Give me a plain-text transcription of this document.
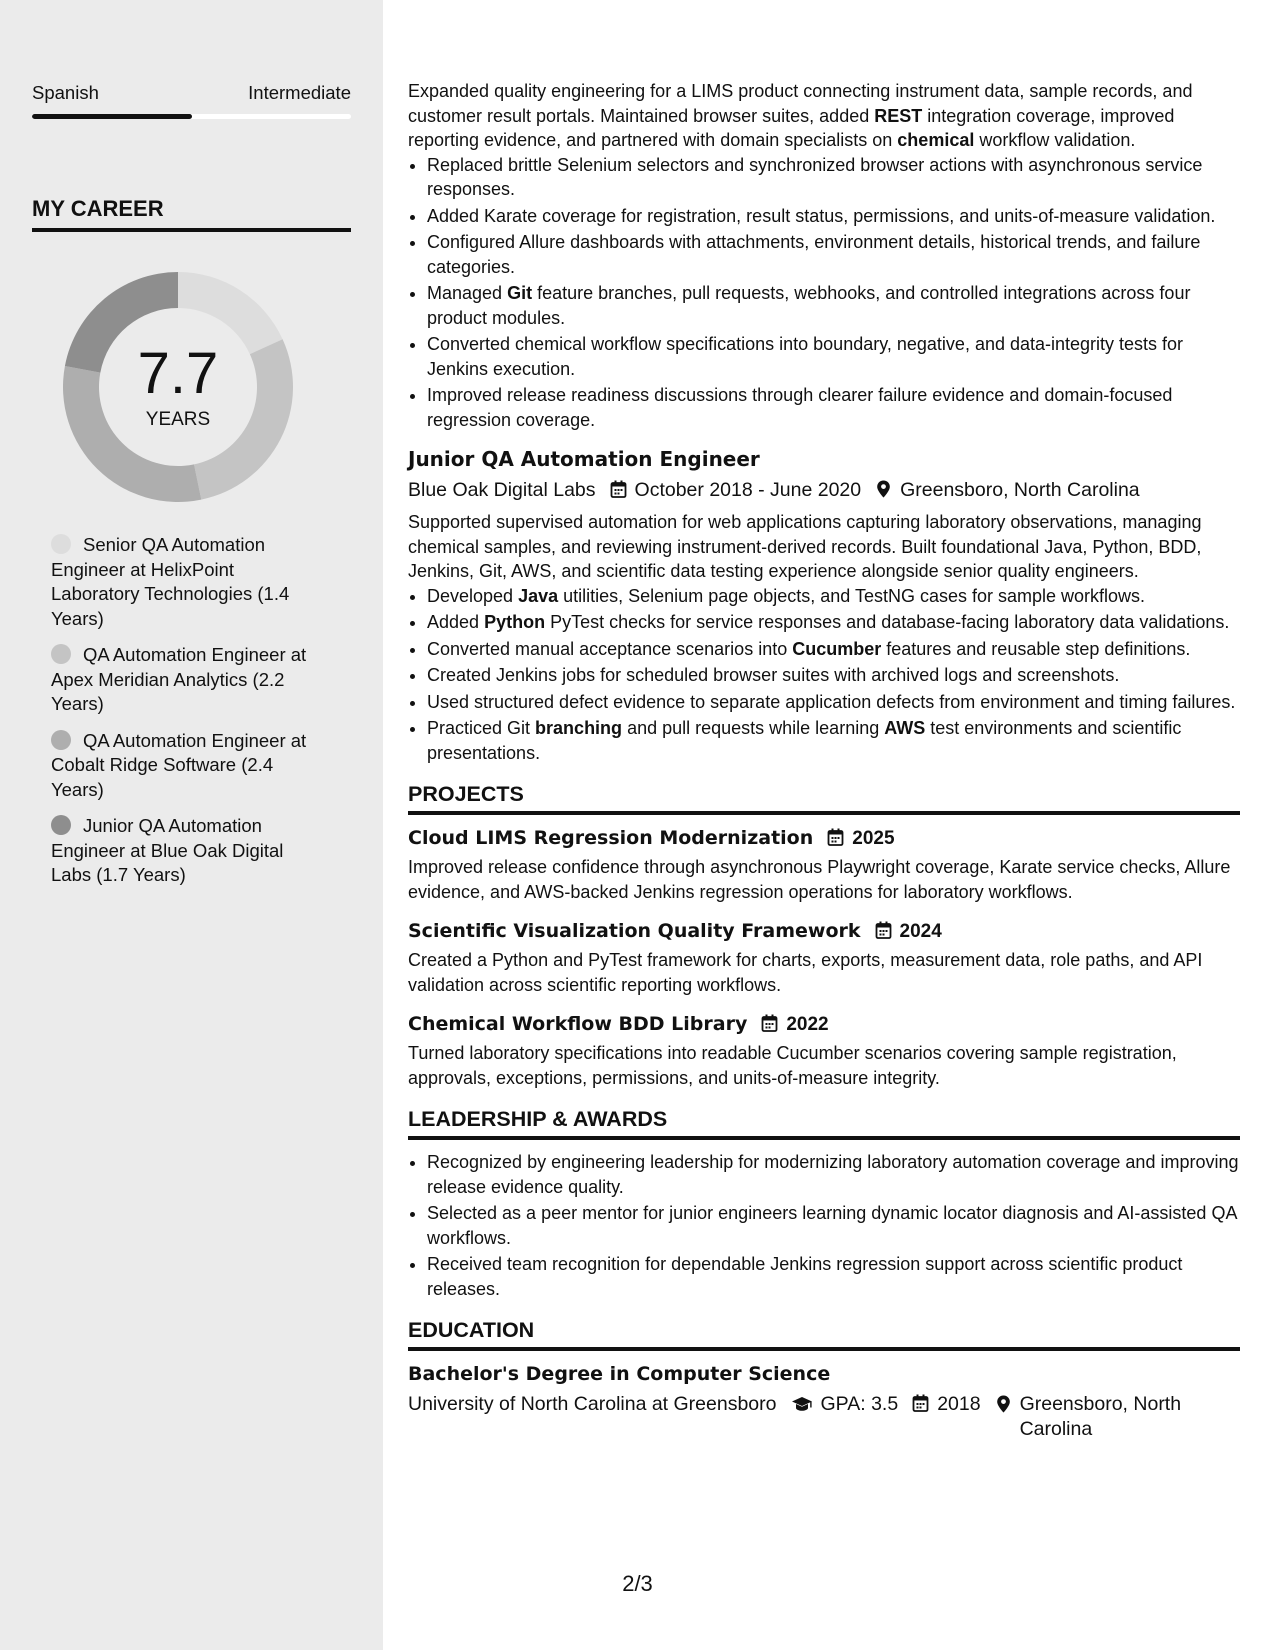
Spanish	Intermediate
MY CAREER
7.7
YEARS
Senior QA Automation Engineer at HelixPoint Laboratory Technologies (1.4 Years)
QA Automation Engineer at Apex Meridian Analytics (2.2 Years)
QA Automation Engineer at Cobalt Ridge Software (2.4 Years)
Junior QA Automation Engineer at Blue Oak Digital Labs (1.7 Years)

Expanded quality engineering for a LIMS product connecting instrument data, sample records, and customer result portals. Maintained browser suites, added REST integration coverage, improved reporting evidence, and partnered with domain specialists on chemical workflow validation.

• Replaced brittle Selenium selectors and synchronized browser actions with asynchronous service responses.
• Added Karate coverage for registration, result status, permissions, and units-of-measure validation.
• Configured Allure dashboards with attachments, environment details, historical trends, and failure categories.
• Managed Git feature branches, pull requests, webhooks, and controlled integrations across four product modules.
• Converted chemical workflow specifications into boundary, negative, and data-integrity tests for Jenkins execution.
• Improved release readiness discussions through clearer failure evidence and domain-focused regression coverage.
Junior QA Automation Engineer
Blue Oak Digital Labs October 2018 - June 2020 Greensboro, North Carolina

Supported supervised automation for web applications capturing laboratory observations, managing chemical samples, and reviewing instrument-derived records. Built foundational Java, Python, BDD, Jenkins, Git, AWS, and scientific data testing experience alongside senior quality engineers.

• Developed Java utilities, Selenium page objects, and TestNG cases for sample workflows.
• Added Python PyTest checks for service responses and database-facing laboratory data validations.
• Converted manual acceptance scenarios into Cucumber features and reusable step definitions.
• Created Jenkins jobs for scheduled browser suites with archived logs and screenshots.
• Used structured defect evidence to separate application defects from environment and timing failures.
• Practiced Git branching and pull requests while learning AWS test environments and scientific presentations.
PROJECTS
Cloud LIMS Regression Modernization 2025

Improved release confidence through asynchronous Playwright coverage, Karate service checks, Allure evidence, and AWS-backed Jenkins regression operations for laboratory workflows.

Scientific Visualization Quality Framework 2024

Created a Python and PyTest framework for charts, exports, measurement data, role paths, and API validation across scientific reporting workflows.

Chemical Workflow BDD Library 2022

Turned laboratory specifications into readable Cucumber scenarios covering sample registration, approvals, exceptions, permissions, and units-of-measure integrity.

LEADERSHIP & AWARDS
• Recognized by engineering leadership for modernizing laboratory automation coverage and improving release evidence quality.
• Selected as a peer mentor for junior engineers learning dynamic locator diagnosis and AI-assisted QA workflows.
• Received team recognition for dependable Jenkins regression support across scientific product releases.
EDUCATION
Bachelor's Degree in Computer Science
University of North Carolina at Greensboro	GPA: 3.5	2018 Greensboro, North Carolina
2/3
